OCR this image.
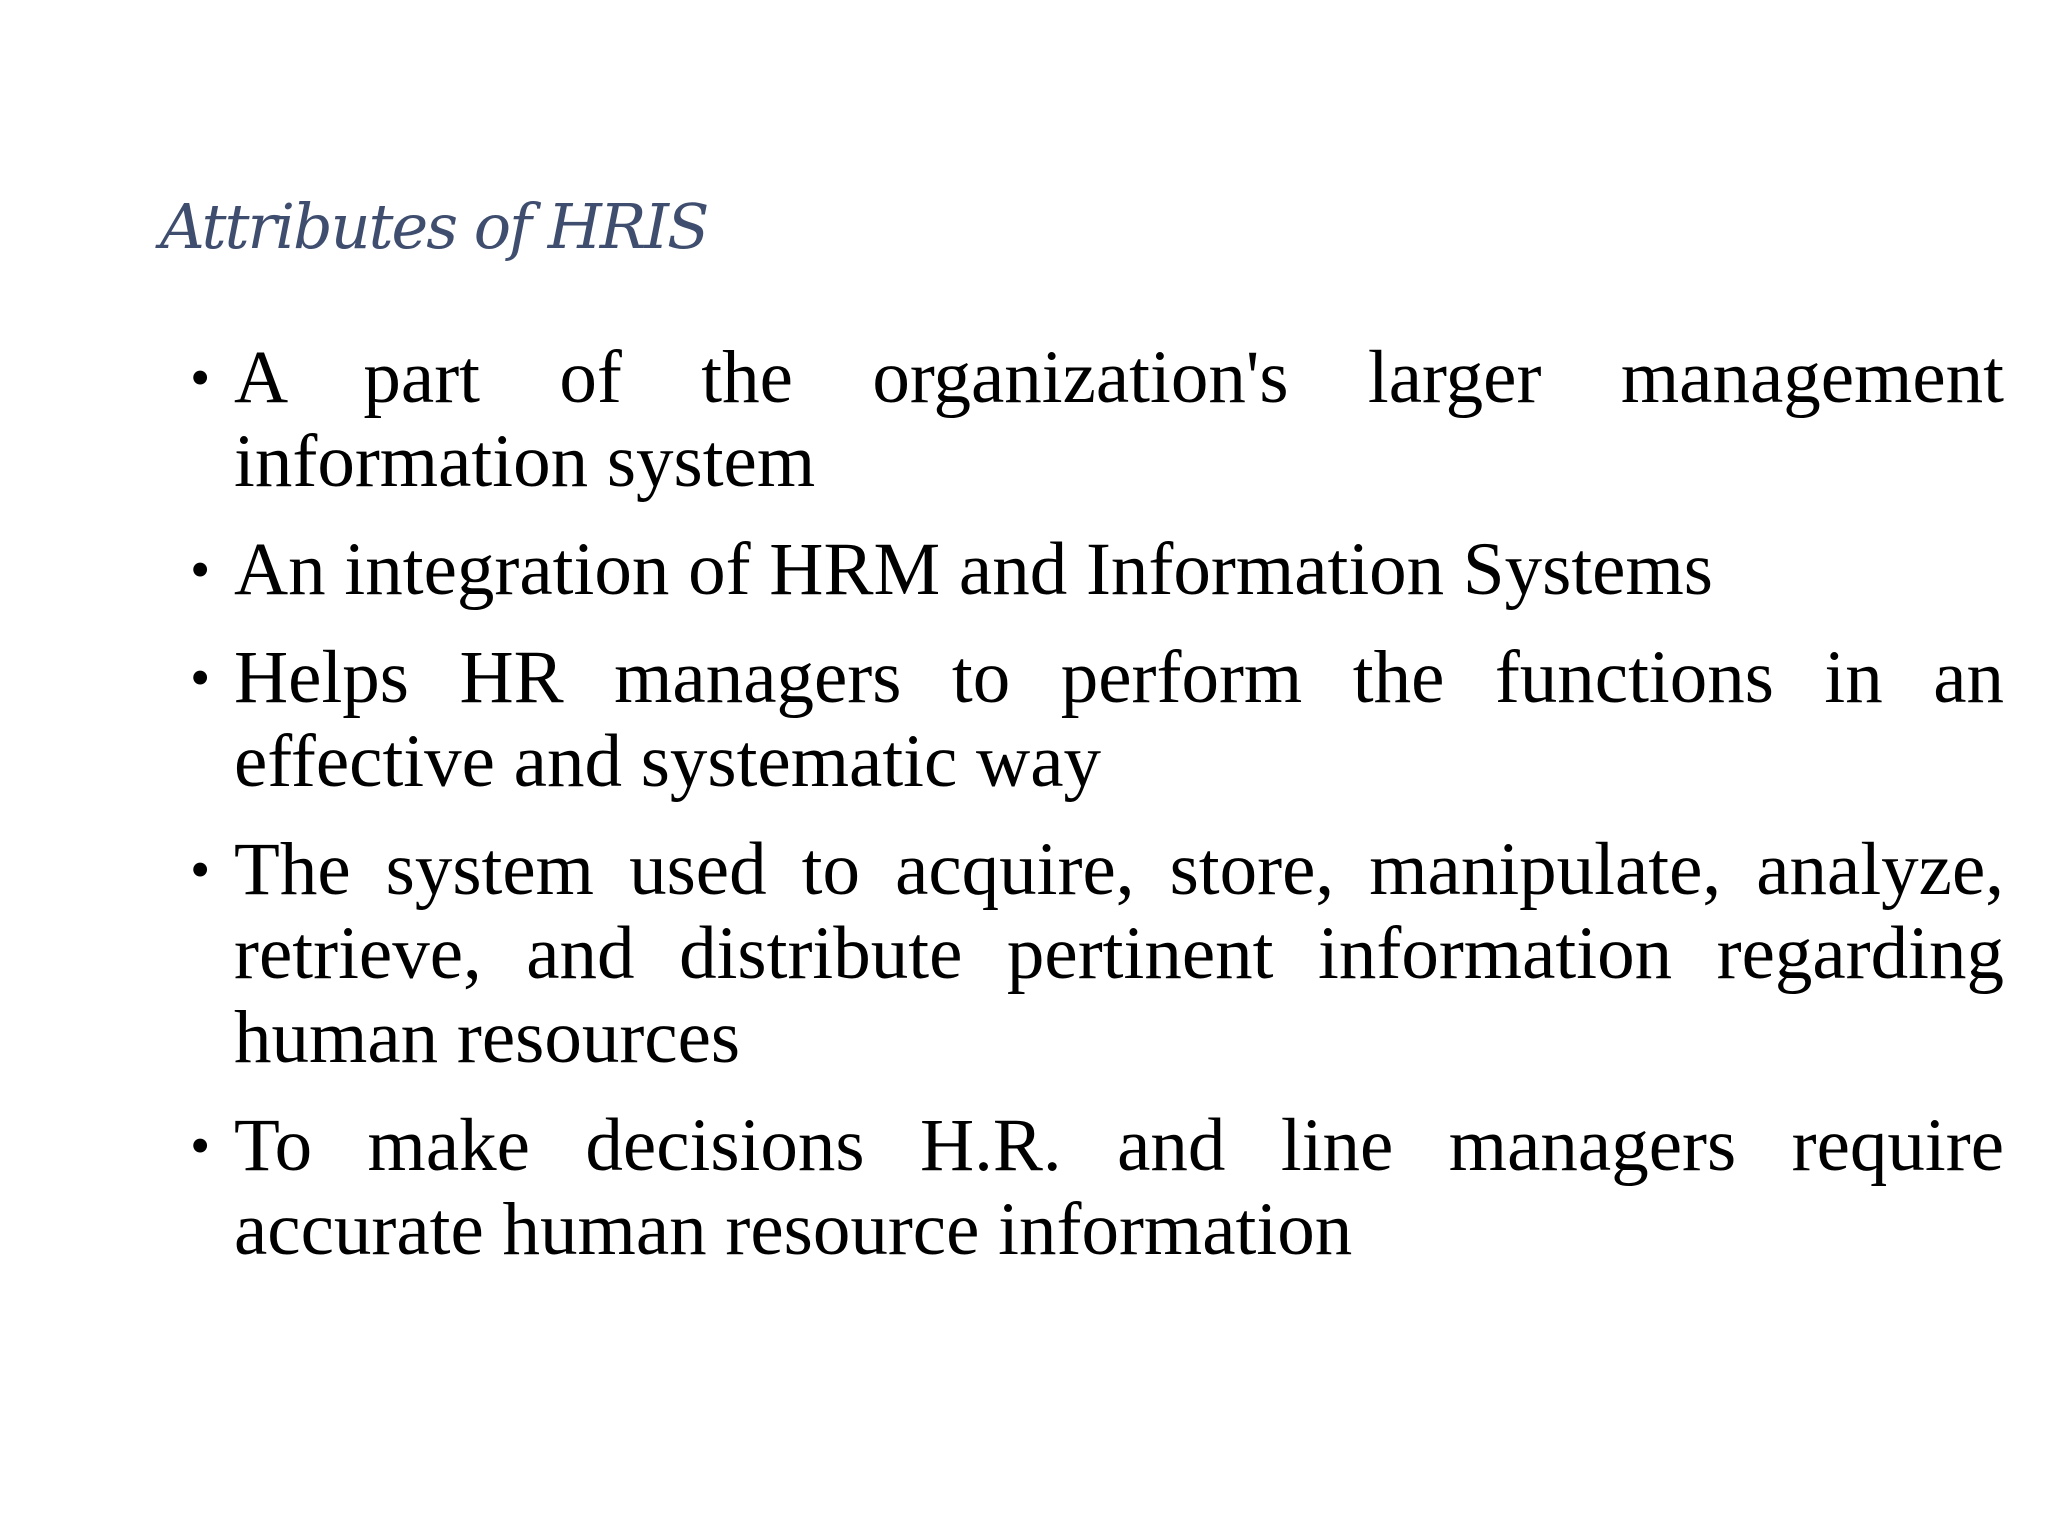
Attributes of HRIS
• A part of the organization's larger management information system
• An integration of HRM and Information Systems
• Helps HR managers to perform the functions in an effective and systematic way
• The system used to acquire, store, manipulate, analyze, retrieve, and distribute pertinent information regarding human resources
• To make decisions H.R. and line managers require accurate human resource information
